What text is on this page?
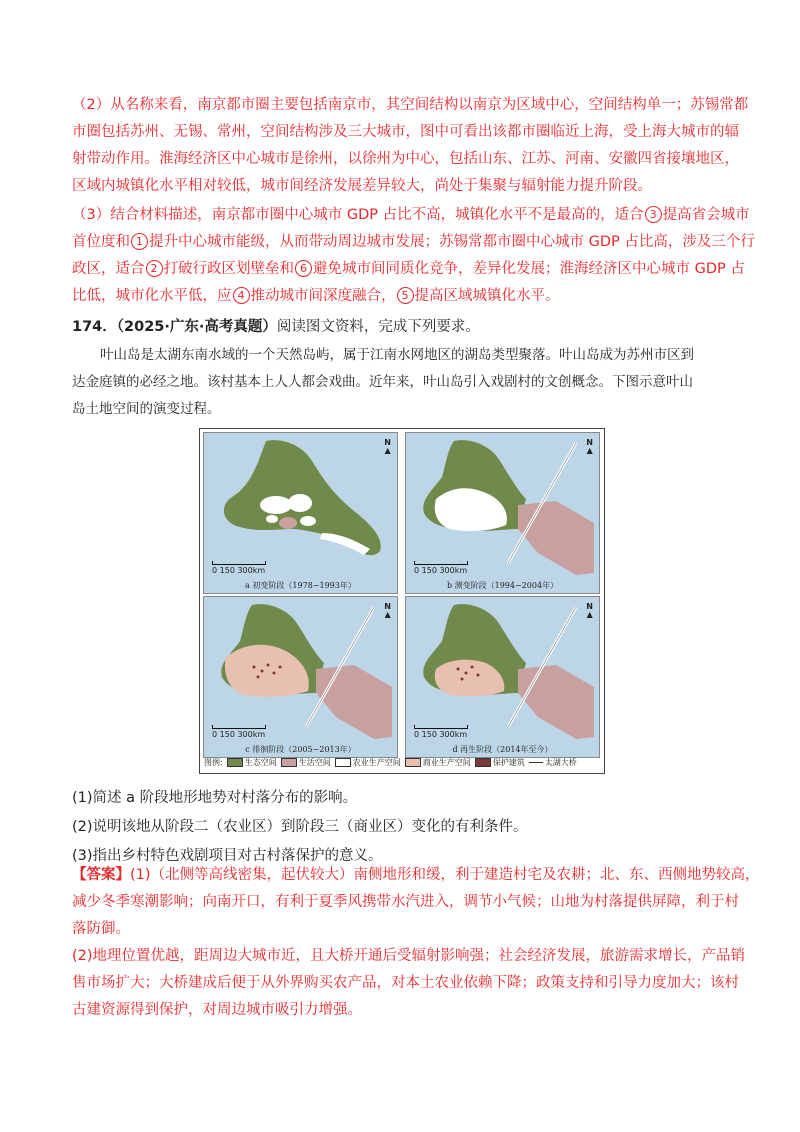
（2）从名称来看，南京都市圈主要包括南京市，其空间结构以南京为区域中心，空间结构单一；苏锡常都
市圈包括苏州、无锡、常州，空间结构涉及三大城市，图中可看出该都市圈临近上海，受上海大城市的辐
射带动作用。淮海经济区中心城市是徐州，以徐州为中心，包括山东、江苏、河南、安徽四省接壤地区，
区域内城镇化水平相对较低，城市间经济发展差异较大，尚处于集聚与辐射能力提升阶段。
（3）结合材料描述，南京都市圈中心城市 GDP 占比不高，城镇化水平不是最高的，适合 3 提高省会城市
首位度和 1 提升中心城市能级，从而带动周边城市发展；苏锡常都市圈中心城市 GDP 占比高，涉及三个行
政区，适合 2 打破行政区划壁垒和 6 避免城市间同质化竞争，差异化发展；淮海经济区中心城市 GDP 占
比低，城市化水平低，应 4 推动城市间深度融合， 5 提高区域城镇化水平。
174．（2025·广东·高考真题）阅读图文资料，完成下列要求。
叶山岛是太湖东南水域的一个天然岛屿，属于江南水网地区的湖岛类型聚落。叶山岛成为苏州市区到
达金庭镇的必经之地。该村基本上人人都会戏曲。近年来，叶山岛引入戏剧村的文创概念。下图示意叶山
岛土地空间的演变过程。
N
▲
0 150 300km
a 初变阶段（1978−1993年）
N
▲
0 150 300km
b 测变阶段（1994−2004年）
N
▲
0 150 300km
c 徘徊阶段（2005−2013年）
N
▲
0 150 300km
d 再生阶段（2014年至今）
图例:	生态空间	生活空间	农业生产空间	商业生产空间	保护建筑	太湖大桥
(1)简述 a 阶段地形地势对村落分布的影响。
(2)说明该地从阶段二（农业区）到阶段三（商业区）变化的有利条件。
(3)指出乡村特色戏剧项目对古村落保护的意义。
【答案】(1)（北侧等高线密集，起伏较大）南侧地形和缓，利于建造村宅及农耕；北、东、西侧地势较高，
减少冬季寒潮影响；向南开口，有利于夏季风携带水汽进入，调节小气候；山地为村落提供屏障，利于村
落防御。
(2)地理位置优越，距周边大城市近，且大桥开通后受辐射影响强；社会经济发展，旅游需求增长，产品销
售市场扩大；大桥建成后便于从外界购买农产品，对本土农业依赖下降；政策支持和引导力度加大；该村
古建资源得到保护，对周边城市吸引力增强。
